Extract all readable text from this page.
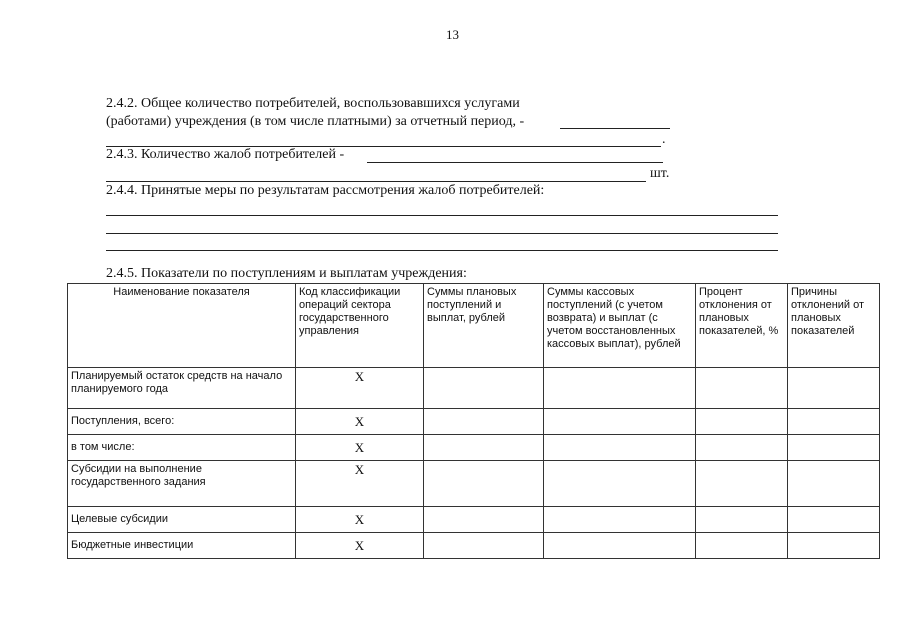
13
2.4.2. Общее количество потребителей, воспользовавшихся услугами
(работами) учреждения (в том числе платными) за отчетный период, -
.
2.4.3. Количество жалоб потребителей -
шт.
2.4.4. Принятые меры по результатам рассмотрения жалоб потребителей:
2.4.5. Показатели по поступлениям и выплатам учреждения:
Наименование показателя	Код классификации операций сектора государственного управления	Суммы плановых поступлений и выплат, рублей	Суммы кассовых поступлений (с учетом возврата) и выплат (с учетом восстановленных кассовых выплат), рублей	Процент отклонения от плановых показателей, %	Причины отклонений от плановых показателей
Планируемый остаток средств на начало планируемого года	X				
Поступления, всего:	X				
в том числе:	X				
Субсидии на выполнение государственного задания	X				
Целевые субсидии	X				
Бюджетные инвестиции	X				
